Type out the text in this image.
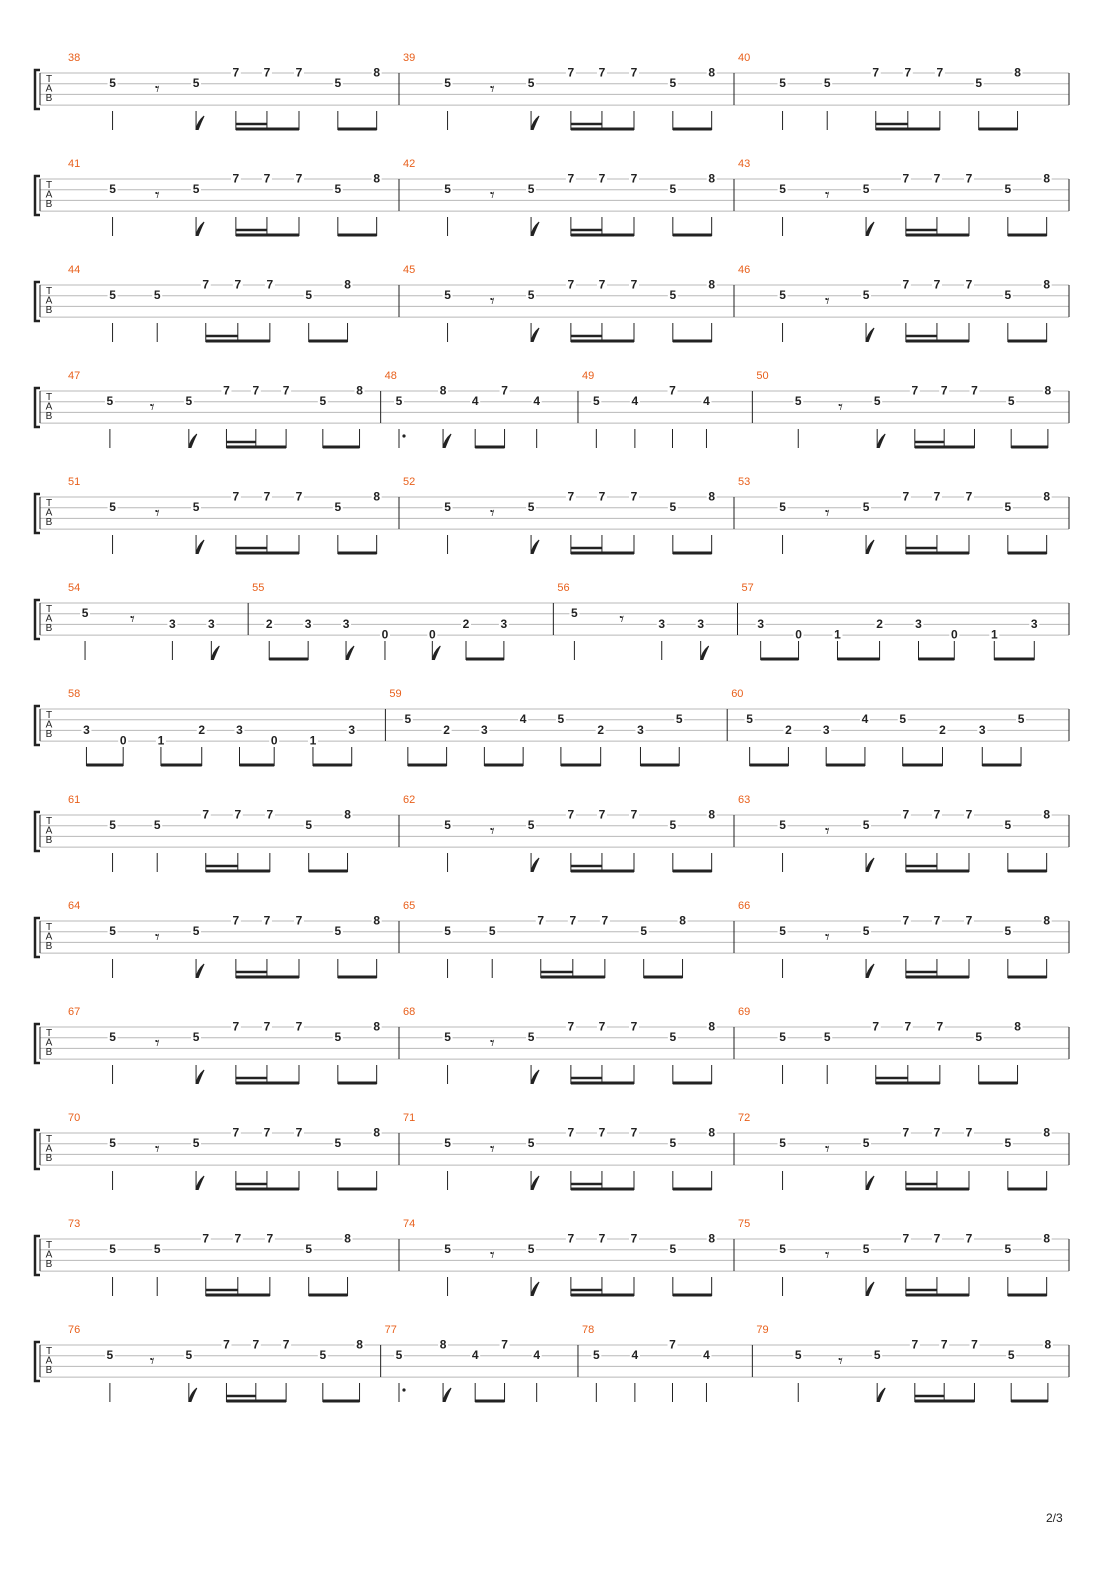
T
A
B
38
5 𝄾	5
7 7 7
5
8
39
5 𝄾	5
7 7 7
5
8
40
5	5
7 7 7
5
8
T
A
B
41
5 𝄾	5
7 7 7
5
8
42
5 𝄾	5
7 7 7
5
8
43
5 𝄾	5
7 7 7
5
8
T
A
B
44
5	5
7 7 7
5
8
45
5 𝄾	5
7 7 7
5
8
46
5 𝄾	5
7 7 7
5
8
T
A
B
47
5 𝄾	5
7 7 7
5
8
48
5
8
4
7
4
49
5	4
7
4
50
5 𝄾	5
7 7 7
5
8
T
A
B
51
5 𝄾	5
7 7 7
5
8
52
5 𝄾	5
7 7 7
5
8
53
5 𝄾	5
7 7 7
5
8
T
A
B
54
5 𝄾	3	3
55
2	3	3
0	0
2	3
56
5 𝄾	3	3
57
3
0	1
2	3
0	1
3
T
A
B
58
3
0	1
2	3
0	1
3
59
5
2	3
4	5
2	3
5
60
5
2	3
4	5
2	3
5
T
A
B
61
5	5
7 7 7
5
8
62
5 𝄾	5
7 7 7
5
8
63
5 𝄾	5
7 7 7
5
8
T
A
B
64
5 𝄾	5
7 7 7
5
8
65
5	5
7 7 7
5
8
66
5 𝄾	5
7 7 7
5
8
T
A
B
67
5 𝄾	5
7 7 7
5
8
68
5 𝄾	5
7 7 7
5
8
69
5	5
7 7 7
5
8
T
A
B
70
5 𝄾	5
7 7 7
5
8
71
5 𝄾	5
7 7 7
5
8
72
5 𝄾	5
7 7 7
5
8
T
A
B
73
5	5
7 7 7
5
8
74
5 𝄾	5
7 7 7
5
8
75
5 𝄾	5
7 7 7
5
8
T
A
B
76
5 𝄾	5
7 7 7
5
8
77
5
8
4
7
4
78
5	4
7
4
79
5 𝄾	5
7 7 7
5
8
2/3
